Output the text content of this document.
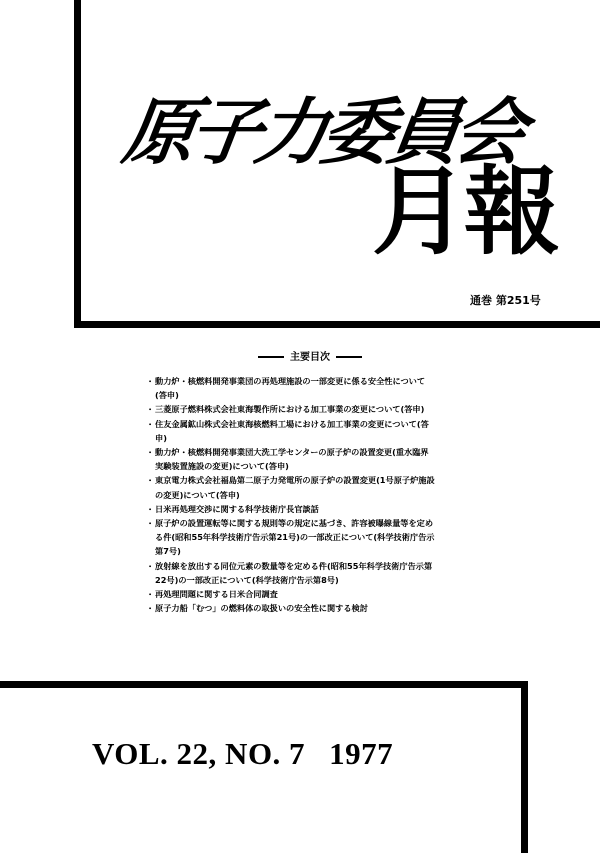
原子力委員会
月報
通巻 第251号
主要目次
・ 動力炉・核燃料開発事業団の再処理施設の一部変更に係る安全性について(答申)
・ 三菱原子燃料株式会社東海製作所における加工事業の変更について(答申)
・ 住友金属鉱山株式会社東海核燃料工場における加工事業の変更について(答申)
・ 動力炉・核燃料開発事業団大洗工学センターの原子炉の設置変更(重水臨界実験装置施設の変更)について(答申)
・ 東京電力株式会社福島第二原子力発電所の原子炉の設置変更(1号原子炉施設の変更)について(答申)
・ 日米再処理交渉に関する科学技術庁長官談話
・ 原子炉の設置運転等に関する規則等の規定に基づき、許容被曝線量等を定める件(昭和55年科学技術庁告示第21号)の一部改正について(科学技術庁告示第7号)
・ 放射線を放出する同位元素の数量等を定める件(昭和55年科学技術庁告示第22号)の一部改正について(科学技術庁告示第8号)
・ 再処理問題に関する日米合同調査
・ 原子力船「むつ」の燃料体の取扱いの安全性に関する検討
VOL. 22, NO. 7 1977
